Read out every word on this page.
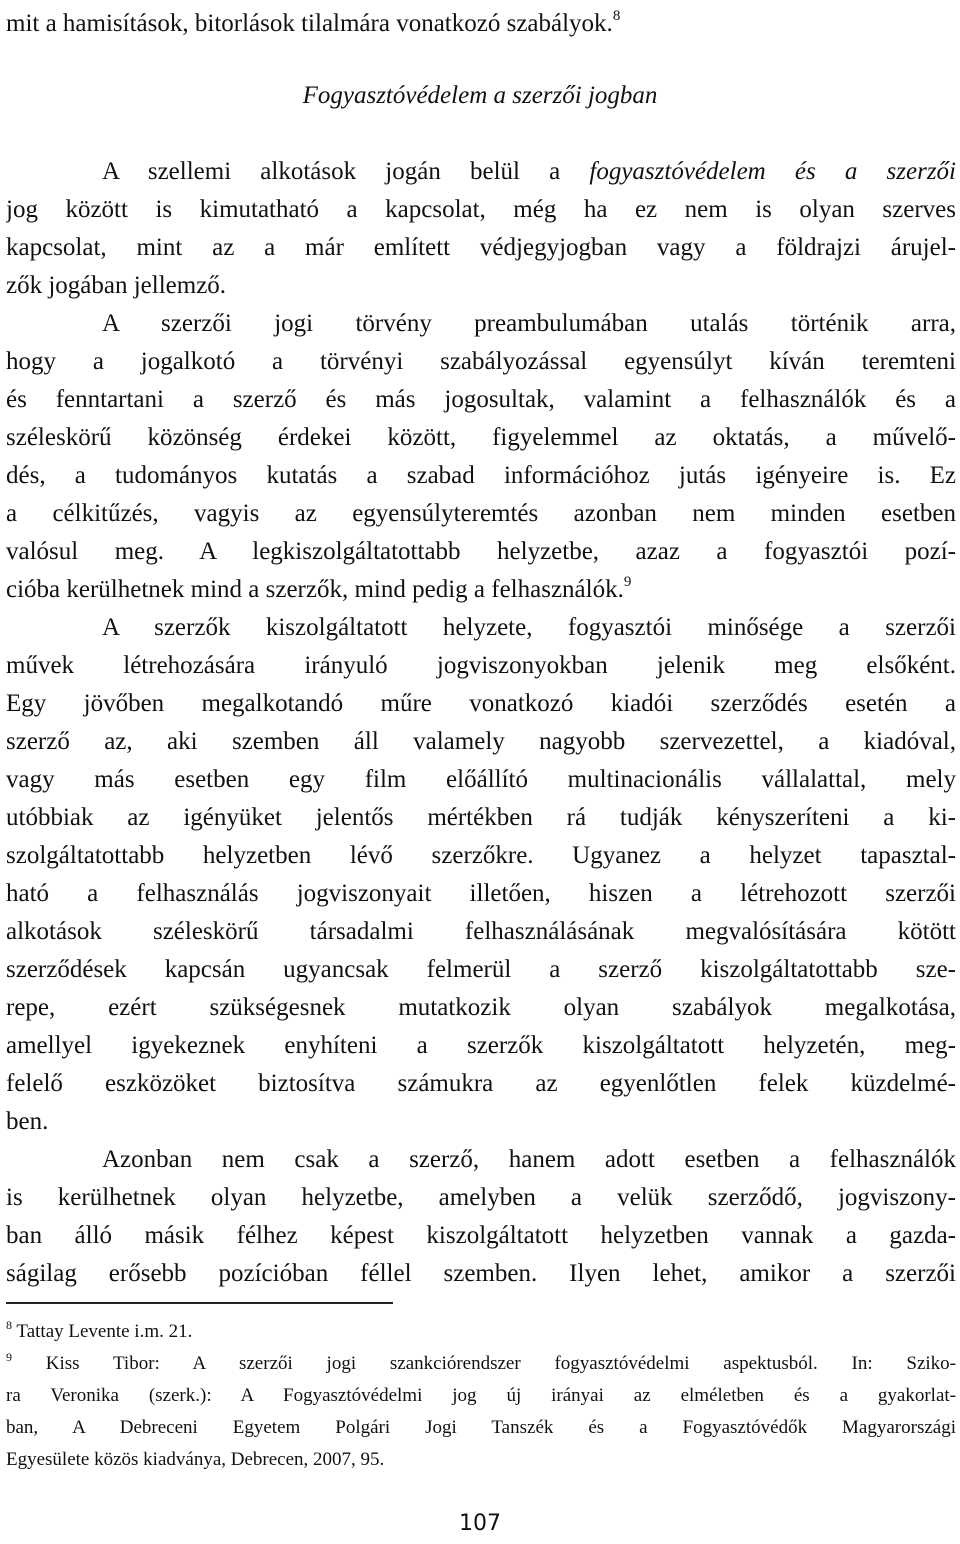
mit a hamisítások, bitorlások tilalmára vonatkozó szabályok.$^8$
Fogyasztóvédelem a szerzői jogban
A szellemi alkotások jogán belül a fogyasztóvédelem és a szerzői
jog között is kimutatható a kapcsolat, még ha ez nem is olyan szerves
kapcsolat, mint az a már említett védjegyjogban vagy a földrajzi árujel-
zők jogában jellemző.
A szerzői jogi törvény preambulumában utalás történik arra,
hogy a jogalkotó a törvényi szabályozással egyensúlyt kíván teremteni
és fenntartani a szerző és más jogosultak, valamint a felhasználók és a
széleskörű közönség érdekei között, figyelemmel az oktatás, a művelő-
dés, a tudományos kutatás a szabad információhoz jutás igényeire is. Ez
a célkitűzés, vagyis az egyensúlyteremtés azonban nem minden esetben
valósul meg. A legkiszolgáltatottabb helyzetbe, azaz a fogyasztói pozí-
cióba kerülhetnek mind a szerzők, mind pedig a felhasználók.$^9$
A szerzők kiszolgáltatott helyzete, fogyasztói minősége a szerzői
művek létrehozására irányuló jogviszonyokban jelenik meg elsőként.
Egy jövőben megalkotandó műre vonatkozó kiadói szerződés esetén a
szerző az, aki szemben áll valamely nagyobb szervezettel, a kiadóval,
vagy más esetben egy film előállító multinacionális vállalattal, mely
utóbbiak az igényüket jelentős mértékben rá tudják kényszeríteni a ki-
szolgáltatottabb helyzetben lévő szerzőkre. Ugyanez a helyzet tapasztal-
ható a felhasználás jogviszonyait illetően, hiszen a létrehozott szerzői
alkotások széleskörű társadalmi felhasználásának megvalósítására kötött
szerződések kapcsán ugyancsak felmerül a szerző kiszolgáltatottabb sze-
repe, ezért szükségesnek mutatkozik olyan szabályok megalkotása,
amellyel igyekeznek enyhíteni a szerzők kiszolgáltatott helyzetén, meg-
felelő eszközöket biztosítva számukra az egyenlőtlen felek küzdelmé-
ben.
Azonban nem csak a szerző, hanem adott esetben a felhasználók
is kerülhetnek olyan helyzetbe, amelyben a velük szerződő, jogviszony-
ban álló másik félhez képest kiszolgáltatott helyzetben vannak a gazda-
ságilag erősebb pozícióban féllel szemben. Ilyen lehet, amikor a szerzői
$^8$ Tattay Levente i.m. 21.
$^9$ Kiss Tibor: A szerzői jogi szankciórendszer fogyasztóvédelmi aspektusból. In: Sziko-
ra Veronika (szerk.): A Fogyasztóvédelmi jog új irányai az elméletben és a gyakorlat-
ban, A Debreceni Egyetem Polgári Jogi Tanszék és a Fogyasztóvédők Magyarországi
Egyesülete közös kiadványa, Debrecen, 2007, 95.
107
